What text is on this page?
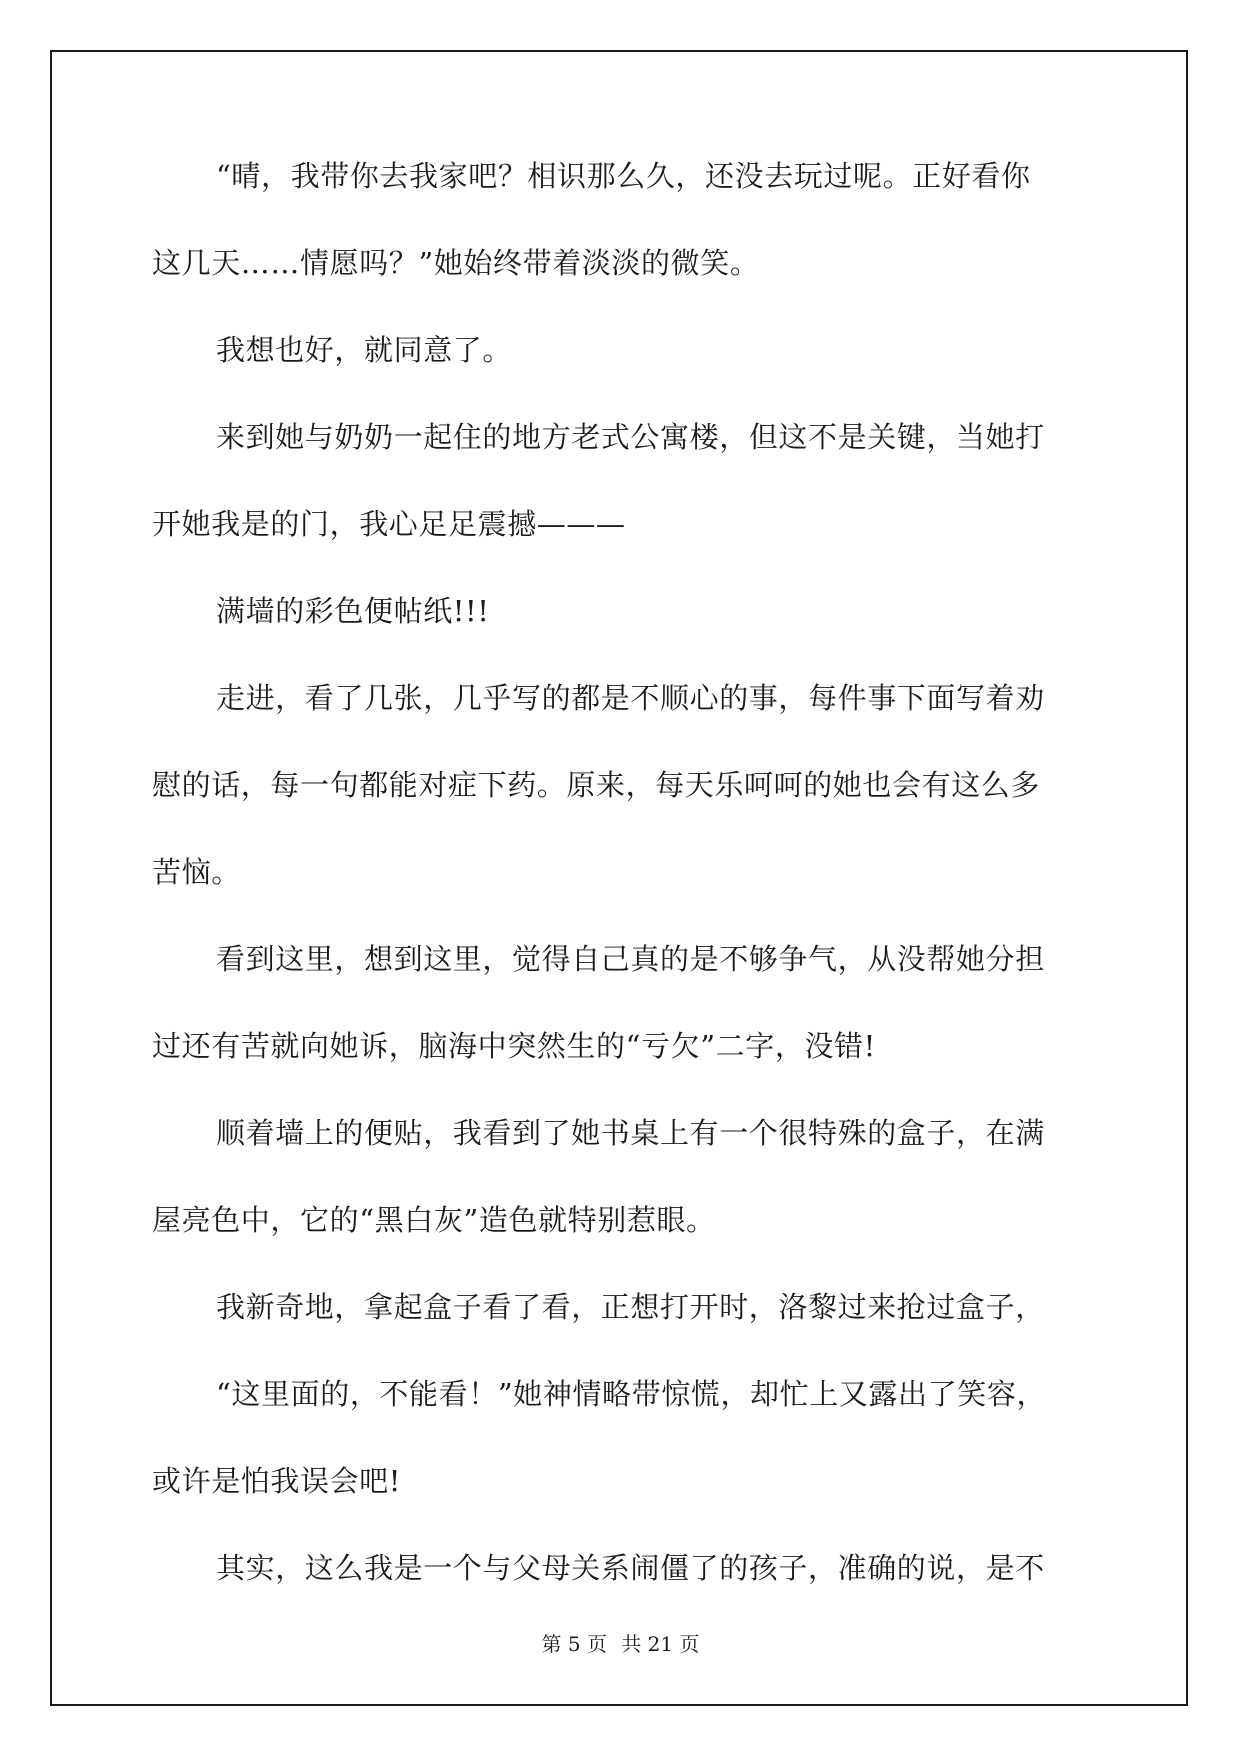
“晴，我带你去我家吧？相识那么久，还没去玩过呢。正好看你
这几天……情愿吗？”她始终带着淡淡的微笑。
我想也好，就同意了。
来到她与奶奶一起住的地方老式公寓楼，但这不是关键，当她打
开她我是的门，我心足足震撼———
满墙的彩色便帖纸!!!
走进，看了几张，几乎写的都是不顺心的事，每件事下面写着劝
慰的话，每一句都能对症下药。原来，每天乐呵呵的她也会有这么多
苦恼。
看到这里，想到这里，觉得自己真的是不够争气，从没帮她分担
过还有苦就向她诉，脑海中突然生的“亏欠”二字，没错!
顺着墙上的便贴，我看到了她书桌上有一个很特殊的盒子，在满
屋亮色中，它的“黑白灰”造色就特别惹眼。
我新奇地，拿起盒子看了看，正想打开时，洛黎过来抢过盒子，
“这里面的，不能看！”她神情略带惊慌，却忙上又露出了笑容，
或许是怕我误会吧!
其实，这么我是一个与父母关系闹僵了的孩子，准确的说，是不
第 5 页 共 21 页
